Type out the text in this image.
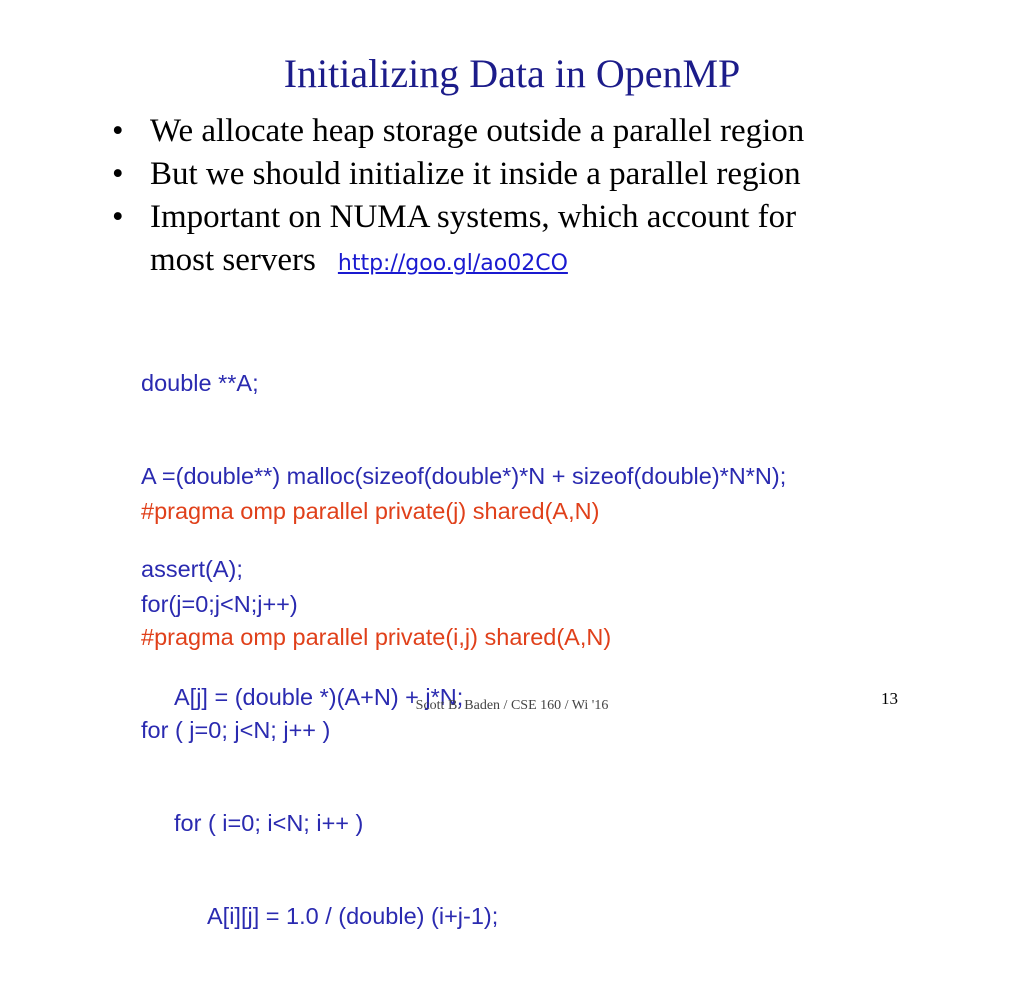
Initializing Data in OpenMP
• We allocate heap storage outside a parallel region
• But we should initialize it inside a parallel region
• Important on NUMA systems, which account for
most servers http://goo.gl/ao02CO

double **A;

A =(double**) malloc(sizeof(double*)*N + sizeof(double)*N*N);

assert(A);

#pragma omp parallel private(j) shared(A,N)

for(j=0;j<N;j++)

A[j] = (double *)(A+N) + j*N;

#pragma omp parallel private(i,j) shared(A,N)

for ( j=0; j<N; j++ )

for ( i=0; i<N; i++ )

A[i][j] = 1.0 / (double) (i+j-1);

Scott B. Baden / CSE 160 / Wi '16	13
